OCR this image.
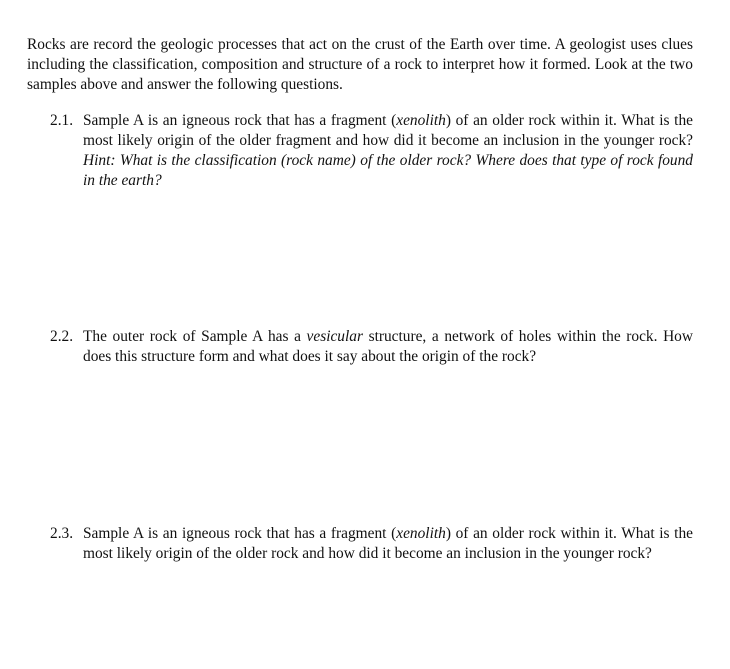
Rocks are record the geologic processes that act on the crust of the Earth over time. A geologist uses clues including the classification, composition and structure of a rock to interpret how it formed. Look at the two samples above and answer the following questions.

2.1. Sample A is an igneous rock that has a fragment (xenolith) of an older rock within it. What is the most likely origin of the older fragment and how did it become an inclusion in the younger rock? Hint: What is the classification (rock name) of the older rock? Where does that type of rock found in the earth?
2.2. The outer rock of Sample A has a vesicular structure, a network of holes within the rock. How does this structure form and what does it say about the origin of the rock?
2.3. Sample A is an igneous rock that has a fragment (xenolith) of an older rock within it. What is the most likely origin of the older rock and how did it become an inclusion in the younger rock?
